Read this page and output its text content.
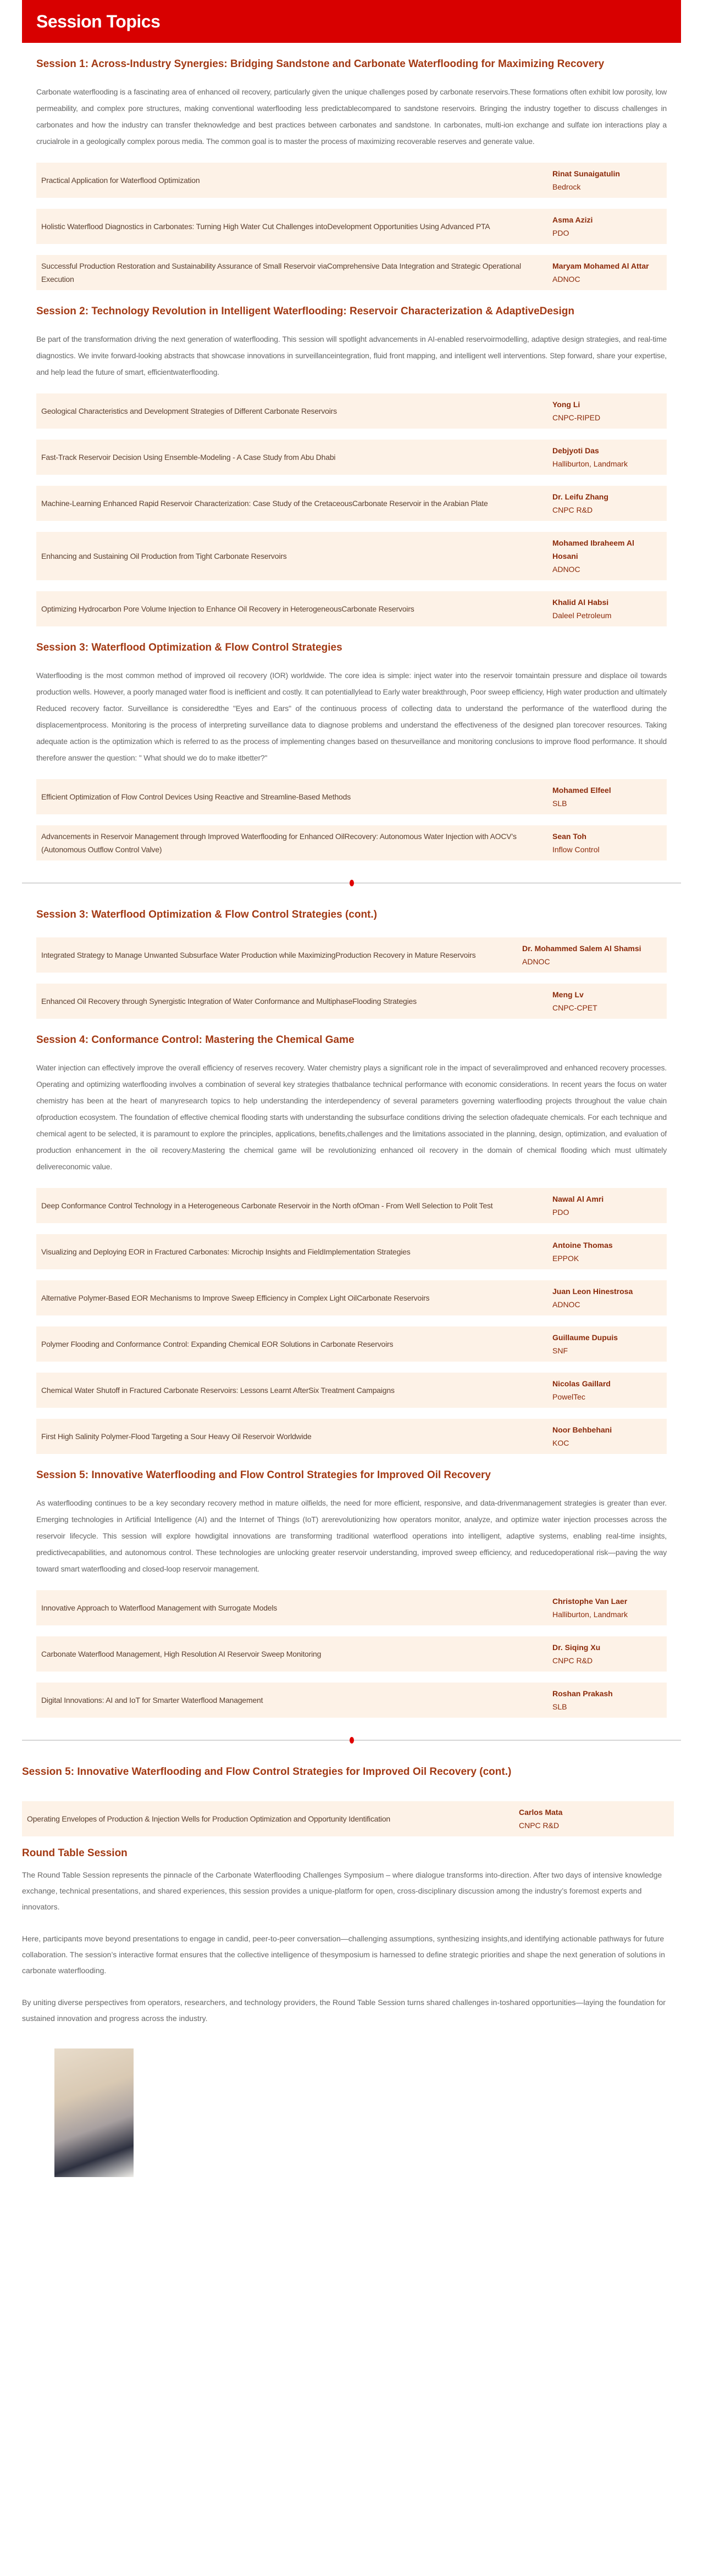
Session Topics
Session 1: Across-Industry Synergies: Bridging Sandstone and Carbonate Waterflooding for Maximizing Recovery

Carbonate waterflooding is a fascinating area of enhanced oil recovery, particularly given the unique challenges posed by carbonate reservoirs.These formations often exhibit low porosity, low permeability, and complex pore structures, making conventional waterflooding less predictablecompared to sandstone reservoirs. Bringing the industry together to discuss challenges in carbonates and how the industry can transfer theknowledge and best practices between carbonates and sandstone. In carbonates, multi-ion exchange and sulfate ion interactions play a crucialrole in a geologically complex porous media. The common goal is to master the process of maximizing recoverable reserves and generate value.

Practical Application for Waterflood Optimization
Rinat Sunaigatulin
Bedrock
Holistic Waterflood Diagnostics in Carbonates: Turning High Water Cut Challenges intoDevelopment Opportunities Using Advanced PTA
Asma Azizi
PDO
Successful Production Restoration and Sustainability Assurance of Small Reservoir viaComprehensive Data Integration and Strategic Operational Execution
Maryam Mohamed Al Attar
ADNOC
Session 2: Technology Revolution in Intelligent Waterflooding: Reservoir Characterization & AdaptiveDesign

Be part of the transformation driving the next generation of waterflooding. This session will spotlight advancements in AI-enabled reservoirmodelling, adaptive design strategies, and real-time diagnostics. We invite forward-looking abstracts that showcase innovations in surveillanceintegration, fluid front mapping, and intelligent well interventions. Step forward, share your expertise, and help lead the future of smart, efficientwaterflooding.

Geological Characteristics and Development Strategies of Different Carbonate Reservoirs
Yong Li
CNPC-RIPED
Fast-Track Reservoir Decision Using Ensemble-Modeling - A Case Study from Abu Dhabi
Debjyoti Das
Halliburton, Landmark
Machine-Learning Enhanced Rapid Reservoir Characterization: Case Study of the CretaceousCarbonate Reservoir in the Arabian Plate
Dr. Leifu Zhang
CNPC R&D
Enhancing and Sustaining Oil Production from Tight Carbonate Reservoirs
Mohamed Ibraheem Al Hosani
ADNOC
Optimizing Hydrocarbon Pore Volume Injection to Enhance Oil Recovery in HeterogeneousCarbonate Reservoirs
Khalid Al Habsi
Daleel Petroleum
Session 3: Waterflood Optimization & Flow Control Strategies

Waterflooding is the most common method of improved oil recovery (IOR) worldwide. The core idea is simple: inject water into the reservoir tomaintain pressure and displace oil towards production wells. However, a poorly managed water flood is inefficient and costly. It can potentiallylead to Early water breakthrough, Poor sweep efficiency, High water production and ultimately Reduced recovery factor. Surveillance is consideredthe "Eyes and Ears" of the continuous process of collecting data to understand the performance of the waterflood during the displacementprocess. Monitoring is the process of interpreting surveillance data to diagnose problems and understand the effectiveness of the designed plan torecover resources. Taking adequate action is the optimization which is referred to as the process of implementing changes based on thesurveillance and monitoring conclusions to improve flood performance. It should therefore answer the question: " What should we do to make itbetter?"

Efficient Optimization of Flow Control Devices Using Reactive and Streamline-Based Methods
Mohamed Elfeel
SLB
Advancements in Reservoir Management through Improved Waterflooding for Enhanced OilRecovery: Autonomous Water Injection with AOCV’s (Autonomous Outflow Control Valve)
Sean Toh
Inflow Control
Session 3: Waterflood Optimization & Flow Control Strategies (cont.)
Integrated Strategy to Manage Unwanted Subsurface Water Production while MaximizingProduction Recovery in Mature Reservoirs
Dr. Mohammed Salem Al Shamsi
ADNOC
Enhanced Oil Recovery through Synergistic Integration of Water Conformance and MultiphaseFlooding Strategies
Meng Lv
CNPC-CPET
Session 4: Conformance Control: Mastering the Chemical Game

Water injection can effectively improve the overall efficiency of reserves recovery. Water chemistry plays a significant role in the impact of severalimproved and enhanced recovery processes. Operating and optimizing waterflooding involves a combination of several key strategies thatbalance technical performance with economic considerations. In recent years the focus on water chemistry has been at the heart of manyresearch topics to help understanding the interdependency of several parameters governing waterflooding projects throughout the value chain ofproduction ecosystem. The foundation of effective chemical flooding starts with understanding the subsurface conditions driving the selection ofadequate chemicals. For each technique and chemical agent to be selected, it is paramount to explore the principles, applications, benefits,challenges and the limitations associated in the planning, design, optimization, and evaluation of production enhancement in the oil recovery.Mastering the chemical game will be revolutionizing enhanced oil recovery in the domain of chemical flooding which must ultimately delivereconomic value.

Deep Conformance Control Technology in a Heterogeneous Carbonate Reservoir in the North ofOman - From Well Selection to Polit Test
Nawal Al Amri
PDO
Visualizing and Deploying EOR in Fractured Carbonates: Microchip Insights and FieldImplementation Strategies
Antoine Thomas
EPPOK
Alternative Polymer-Based EOR Mechanisms to Improve Sweep Efficiency in Complex Light OilCarbonate Reservoirs
Juan Leon Hinestrosa
ADNOC
Polymer Flooding and Conformance Control: Expanding Chemical EOR Solutions in Carbonate Reservoirs
Guillaume Dupuis
SNF
Chemical Water Shutoff in Fractured Carbonate Reservoirs: Lessons Learnt AfterSix Treatment Campaigns
Nicolas Gaillard
PowelTec
First High Salinity Polymer-Flood Targeting a Sour Heavy Oil Reservoir Worldwide
Noor Behbehani
KOC
Session 5: Innovative Waterflooding and Flow Control Strategies for Improved Oil Recovery

As waterflooding continues to be a key secondary recovery method in mature oilfields, the need for more efficient, responsive, and data-drivenmanagement strategies is greater than ever. Emerging technologies in Artificial Intelligence (AI) and the Internet of Things (IoT) arerevolutionizing how operators monitor, analyze, and optimize water injection processes across the reservoir lifecycle. This session will explore howdigital innovations are transforming traditional waterflood operations into intelligent, adaptive systems, enabling real-time insights, predictivecapabilities, and autonomous control. These technologies are unlocking greater reservoir understanding, improved sweep efficiency, and reducedoperational risk—paving the way toward smart waterflooding and closed-loop reservoir management.

Innovative Approach to Waterflood Management with Surrogate Models
Christophe Van Laer
Halliburton, Landmark
Carbonate Waterflood Management, High Resolution AI Reservoir Sweep Monitoring
Dr. Siqing Xu
CNPC R&D
Digital Innovations: AI and IoT for Smarter Waterflood Management
Roshan Prakash
SLB
Session 5: Innovative Waterflooding and Flow Control Strategies for Improved Oil Recovery (cont.)
Operating Envelopes of Production & Injection Wells for Production Optimization and Opportunity Identification
Carlos Mata
CNPC R&D
Round Table Session

The Round Table Session represents the pinnacle of the Carbonate Waterflooding Challenges Symposium – where dialogue transforms into-direction. After two days of intensive knowledge exchange, technical presentations, and shared experiences, this session provides a unique-platform for open, cross-disciplinary discussion among the industry’s foremost experts and innovators.

Here, participants move beyond presentations to engage in candid, peer-to-peer conversation—challenging assumptions, synthesizing insights,and identifying actionable pathways for future collaboration. The session’s interactive format ensures that the collective intelligence of thesymposium is harnessed to define strategic priorities and shape the next generation of solutions in carbonate waterflooding.

By uniting diverse perspectives from operators, researchers, and technology providers, the Round Table Session turns shared challenges in-toshared opportunities—laying the foundation for sustained innovation and progress across the industry.
